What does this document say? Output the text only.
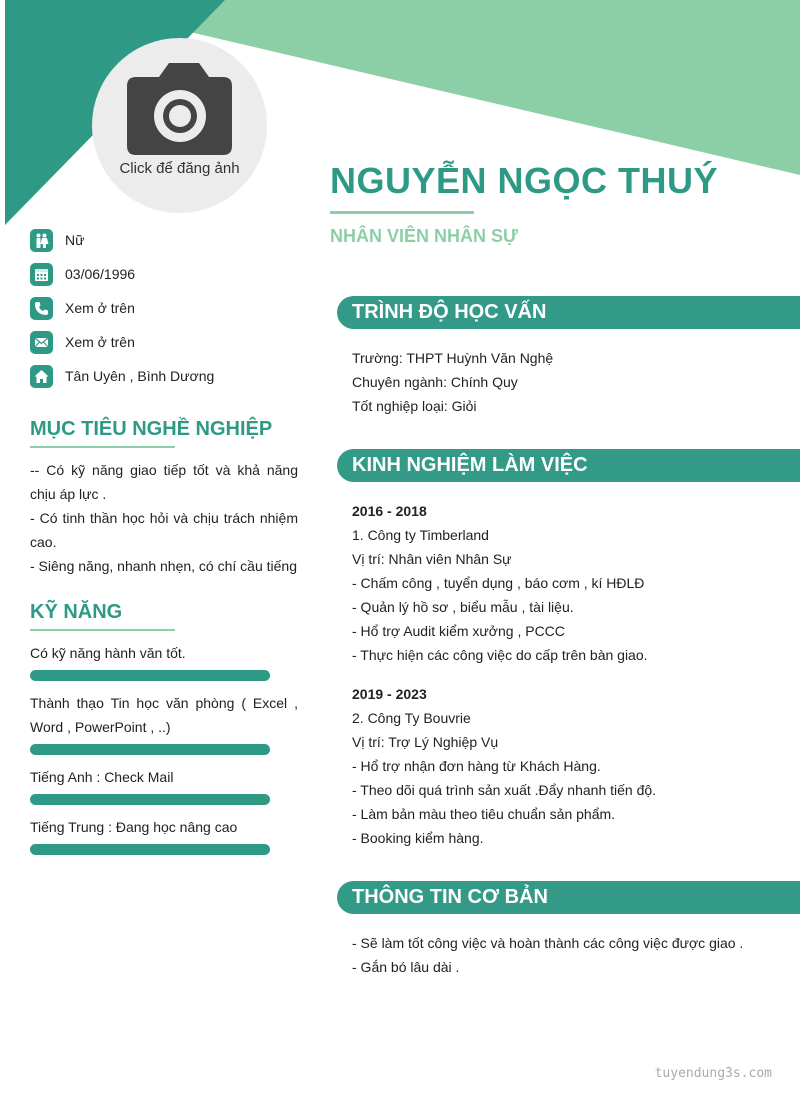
Click để đăng ảnh	NGUYỄN NGỌC THUÝ
NHÂN VIÊN NHÂN SỰ
Nữ
03/06/1996
Xem ở trên
Xem ở trên
Tân Uyên , Bình Dương
MỤC TIÊU NGHỀ NGHIỆP
-- Có kỹ năng giao tiếp tốt và khả năng chịu áp lực .
- Có tinh thần học hỏi và chịu trách nhiệm cao.
- Siêng năng, nhanh nhẹn, có chí cầu tiếng
KỸ NĂNG
Có kỹ năng hành văn tốt.
Thành thạo Tin học văn phòng ( Excel , Word , PowerPoint , ..)
Tiếng Anh : Check Mail
Tiếng Trung : Đang học nâng cao
TRÌNH ĐỘ HỌC VẤN
Trường: THPT Huỳnh Văn Nghệ
Chuyên ngành: Chính Quy
Tốt nghiệp loại: Giỏi
KINH NGHIỆM LÀM VIỆC
2016 - 2018
1. Công ty Timberland
Vị trí: Nhân viên Nhân Sự
- Chấm công , tuyển dụng , báo cơm , kí HĐLĐ
- Quản lý hồ sơ , biểu mẫu , tài liệu.
- Hổ trợ Audit kiểm xưởng , PCCC
- Thực hiện các công việc do cấp trên bàn giao.
2019 - 2023
2. Công Ty Bouvrie
Vị trí: Trợ Lý Nghiệp Vụ
- Hổ trợ nhận đơn hàng từ Khách Hàng.
- Theo dõi quá trình sản xuất .Đẩy nhanh tiến độ.
- Làm bản màu theo tiêu chuẩn sản phẩm.
- Booking kiểm hàng.
THÔNG TIN CƠ BẢN
- Sẽ làm tốt công việc và hoàn thành các công việc được giao .
- Gắn bó lâu dài .
tuyendung3s.com
